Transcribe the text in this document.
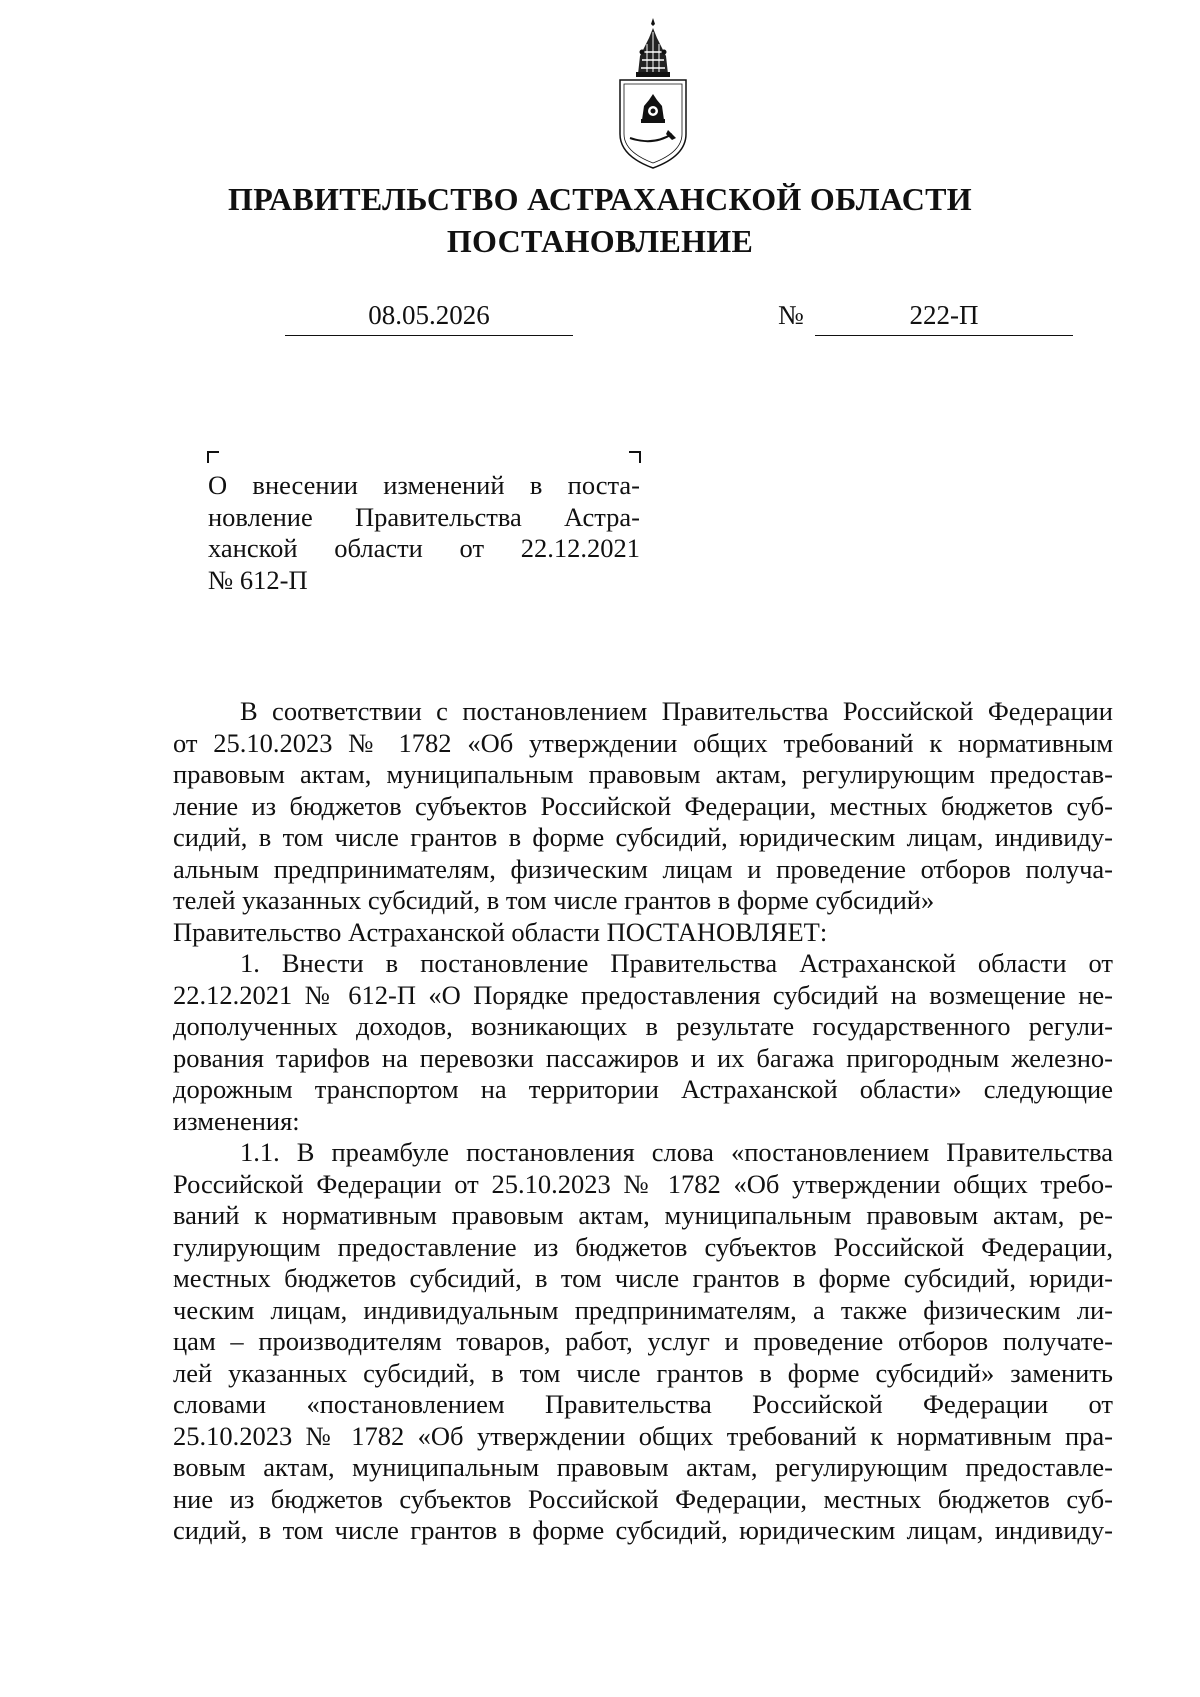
ПРАВИТЕЛЬСТВО АСТРАХАНСКОЙ ОБЛАСТИ
ПОСТАНОВЛЕНИЕ
08.05.2026	№	222-П
О внесении изменений в поста-
новление Правительства Астра-
ханской области от 22.12.2021
№ 612-П
В соответствии с постановлением Правительства Российской Федерации
от 25.10.2023 № 1782 «Об утверждении общих требований к нормативным
правовым актам, муниципальным правовым актам, регулирующим предостав-
ление из бюджетов субъектов Российской Федерации, местных бюджетов суб-
сидий, в том числе грантов в форме субсидий, юридическим лицам, индивиду-
альным предпринимателям, физическим лицам и проведение отборов получа-
телей указанных субсидий, в том числе грантов в форме субсидий»
Правительство Астраханской области ПОСТАНОВЛЯЕТ:
1. Внести в постановление Правительства Астраханской области от
22.12.2021 № 612-П «О Порядке предоставления субсидий на возмещение не-
дополученных доходов, возникающих в результате государственного регули-
рования тарифов на перевозки пассажиров и их багажа пригородным железно-
дорожным транспортом на территории Астраханской области» следующие
изменения:
1.1. В преамбуле постановления слова «постановлением Правительства
Российской Федерации от 25.10.2023 № 1782 «Об утверждении общих требо-
ваний к нормативным правовым актам, муниципальным правовым актам, ре-
гулирующим предоставление из бюджетов субъектов Российской Федерации,
местных бюджетов субсидий, в том числе грантов в форме субсидий, юриди-
ческим лицам, индивидуальным предпринимателям, а также физическим ли-
цам – производителям товаров, работ, услуг и проведение отборов получате-
лей указанных субсидий, в том числе грантов в форме субсидий» заменить
словами «постановлением Правительства Российской Федерации от
25.10.2023 № 1782 «Об утверждении общих требований к нормативным пра-
вовым актам, муниципальным правовым актам, регулирующим предоставле-
ние из бюджетов субъектов Российской Федерации, местных бюджетов суб-
сидий, в том числе грантов в форме субсидий, юридическим лицам, индивиду-
